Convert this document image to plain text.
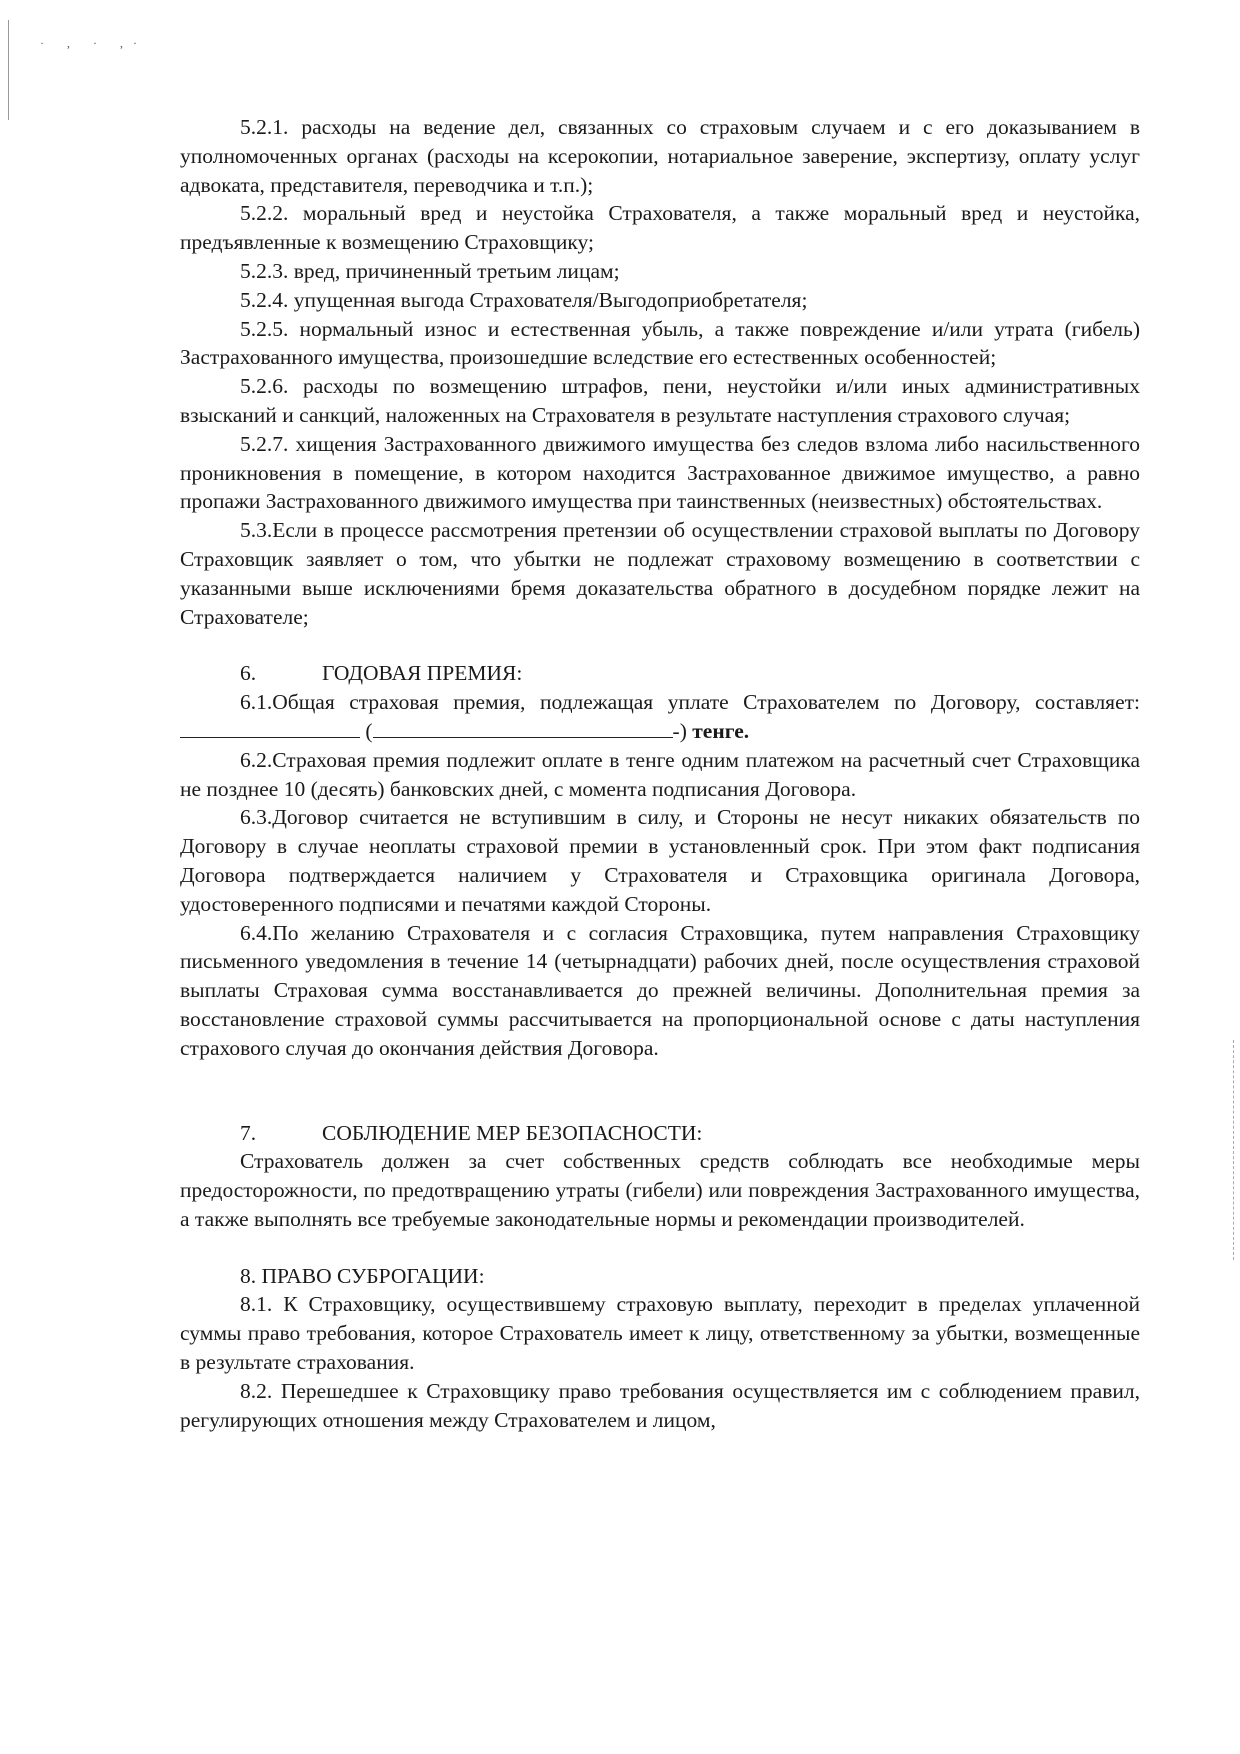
· , · ,·

5.2.1. расходы на ведение дел, связанных со страховым случаем и с его доказыванием в уполномоченных органах (расходы на ксерокопии, нотариальное заверение, экспертизу, оплату услуг адвоката, представителя, переводчика и т.п.);

5.2.2. моральный вред и неустойка Страхователя, а также моральный вред и неустойка, предъявленные к возмещению Страховщику;

5.2.3. вред, причиненный третьим лицам;

5.2.4. упущенная выгода Страхователя/Выгодоприобретателя;

5.2.5. нормальный износ и естественная убыль, а также повреждение и/или утрата (гибель) Застрахованного имущества, произошедшие вследствие его естественных особенностей;

5.2.6. расходы по возмещению штрафов, пени, неустойки и/или иных административных взысканий и санкций, наложенных на Страхователя в результате наступления страхового случая;

5.2.7. хищения Застрахованного движимого имущества без следов взлома либо насильственного проникновения в помещение, в котором находится Застрахованное движимое имущество, а равно пропажи Застрахованного движимого имущества при таинственных (неизвестных) обстоятельствах.

5.3.Если в процессе рассмотрения претензии об осуществлении страховой выплаты по Договору Страховщик заявляет о том, что убытки не подлежат страховому возмещению в соответствии с указанными выше исключениями бремя доказательства обратного в досудебном порядке лежит на Страхователе;

6.	ГОДОВАЯ ПРЕМИЯ:

6.1.Общая страховая премия, подлежащая уплате Страхователем по Договору, составляет:  (	-) тенге.

6.2.Страховая премия подлежит оплате в тенге одним платежом на расчетный счет Страховщика не позднее 10 (десять) банковских дней, с момента подписания Договора.

6.3.Договор считается не вступившим в силу, и Стороны не несут никаких обязательств по Договору в случае неоплаты страховой премии в установленный срок. При этом факт подписания Договора подтверждается наличием у Страхователя и Страховщика оригинала Договора, удостоверенного подписями и печатями каждой Стороны.

6.4.По желанию Страхователя и с согласия Страховщика, путем направления Страховщику письменного уведомления в течение 14 (четырнадцати) рабочих дней, после осуществления страховой выплаты Страховая сумма восстанавливается до прежней величины. Дополнительная премия за восстановление страховой суммы рассчитывается на пропорциональной основе с даты наступления страхового случая до окончания действия Договора.

7.	СОБЛЮДЕНИЕ МЕР БЕЗОПАСНОСТИ:

Страхователь должен за счет собственных средств соблюдать все необходимые меры предосторожности, по предотвращению утраты (гибели) или повреждения Застрахованного имущества, а также выполнять все требуемые законодательные нормы и рекомендации производителей.

8. ПРАВО СУБРОГАЦИИ:

8.1. К Страховщику, осуществившему страховую выплату, переходит в пределах уплаченной суммы право требования, которое Страхователь имеет к лицу, ответственному за убытки, возмещенные в результате страхования.

8.2. Перешедшее к Страховщику право требования осуществляется им с соблюдением правил, регулирующих отношения между Страхователем и лицом,
